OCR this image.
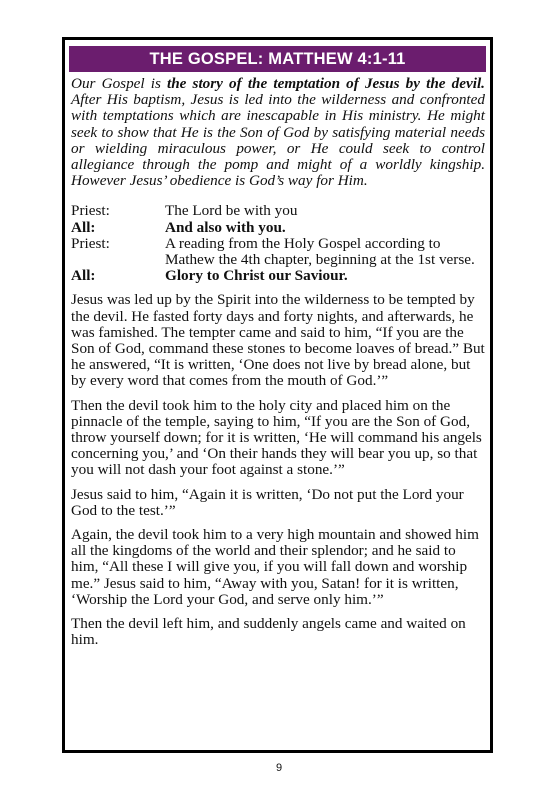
THE GOSPEL: MATTHEW 4:1-11

Our Gospel is the story of the temptation of Jesus by the devil. After His baptism, Jesus is led into the wilderness and confronted with temptations which are inescapable in His ministry. He might seek to show that He is the Son of God by satisfying material needs or wielding miraculous power, or He could seek to control allegiance through the pomp and might of a worldly kingship. However Jesus’ obedience is God’s way for Him.

Priest:	The Lord be with you
All:	And also with you.
Priest:	A reading from the Holy Gospel according to Mathew the 4th chapter, beginning at the 1st verse.
All:	Glory to Christ our Saviour.

Jesus was led up by the Spirit into the wilderness to be tempted by the devil. He fasted forty days and forty nights, and afterwards, he was famished. The tempter came and said to him, “If you are the Son of God, command these stones to become loaves of bread.” But he answered, “It is written, ‘One does not live by bread alone, but by every word that comes from the mouth of God.’”

Then the devil took him to the holy city and placed him on the pinnacle of the temple, saying to him, “If you are the Son of God, throw yourself down; for it is written, ‘He will command his angels concerning you,’ and ‘On their hands they will bear you up, so that you will not dash your foot against a stone.’”

Jesus said to him, “Again it is written, ‘Do not put the Lord your God to the test.’”

Again, the devil took him to a very high mountain and showed him all the kingdoms of the world and their splendor; and he said to him, “All these I will give you, if you will fall down and worship me.” Jesus said to him, “Away with you, Satan! for it is written, ‘Worship the Lord your God, and serve only him.’”

Then the devil left him, and suddenly angels came and waited on him.

9
